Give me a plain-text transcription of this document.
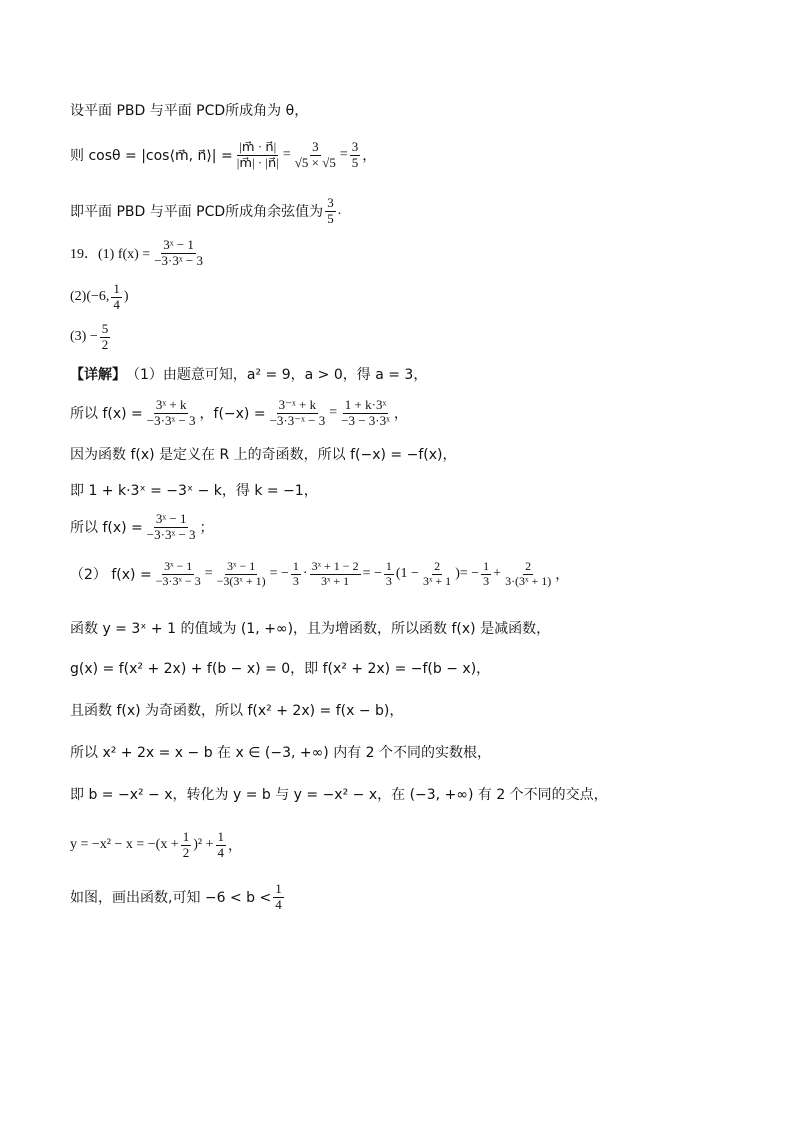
设平面 PBD 与平面 PCD所成角为 θ，
则 cosθ = |cos⟨m⃗, n⃗⟩| = $\frac{|m⃗ \cdot n⃗|}{|m⃗| \cdot |n⃗|} = \frac{3}{√5 \times √5} = \frac{3}{5}$ ，
即平面 PBD 与平面 PCD所成角余弦值为 $\frac{3}{5}$ .
19．(1) $f(x) = \frac{\text{3ˣ − 1}}{\text{−3·3ˣ − 3}}$
(2)(−6, $\frac{1}{4}$ )
$(3) - \frac{5}{2}$
【详解】 （1）由题意可知，a² = 9，a > 0，得 a = 3，
所以 $f(x) = \frac{\text{3ˣ + k}}{\text{−3·3ˣ − 3}}$ ，$f(-x) = \frac{\text{3⁻ˣ + k}}{\text{−3·3⁻ˣ − 3}} = \frac{\text{1 + k·3ˣ}}{\text{−3 − 3·3ˣ}}$ ，
因为函数 f(x) 是定义在 R 上的奇函数，所以 f(−x) = −f(x)，
即 1 + k·3ˣ = −3ˣ − k，得 k = −1，
所以 $f(x) = \frac{\text{3ˣ − 1}}{\text{−3·3ˣ − 3}}$ ；
（2） $f(x) = \frac{\text{3ˣ − 1}}{\text{−3·3ˣ − 3}} = \frac{\text{3ˣ − 1}}{\text{−3(3ˣ + 1)}}$ = − $\frac{1}{3} \cdot \frac{\text{3ˣ + 1 − 2}}{\text{3ˣ + 1}}$ = − $\frac{1}{3} (1 - \frac{2}{\text{3ˣ + 1}}$ ) = − $\frac{1}{3} + \frac{2}{\text{3·(3ˣ + 1)}}$ ，
函数 y = 3ˣ + 1 的值域为 (1, +∞)，且为增函数，所以函数 f(x) 是减函数，
g(x) = f(x² + 2x) + f(b − x) = 0，即 f(x² + 2x) = −f(b − x)，
且函数 f(x) 为奇函数，所以 f(x² + 2x) = f(x − b)，
所以 x² + 2x = x − b 在 x ∈ (−3, +∞) 内有 2 个不同的实数根，
即 b = −x² − x，转化为 y = b 与 y = −x² − x，在 (−3, +∞) 有 2 个不同的交点，
$y = -x^2 - x = -(x + \frac{1}{2} )^2 + \frac{1}{4}$ ，
如图，画出函数,可知 $-6 < b < \frac{1}{4}$
